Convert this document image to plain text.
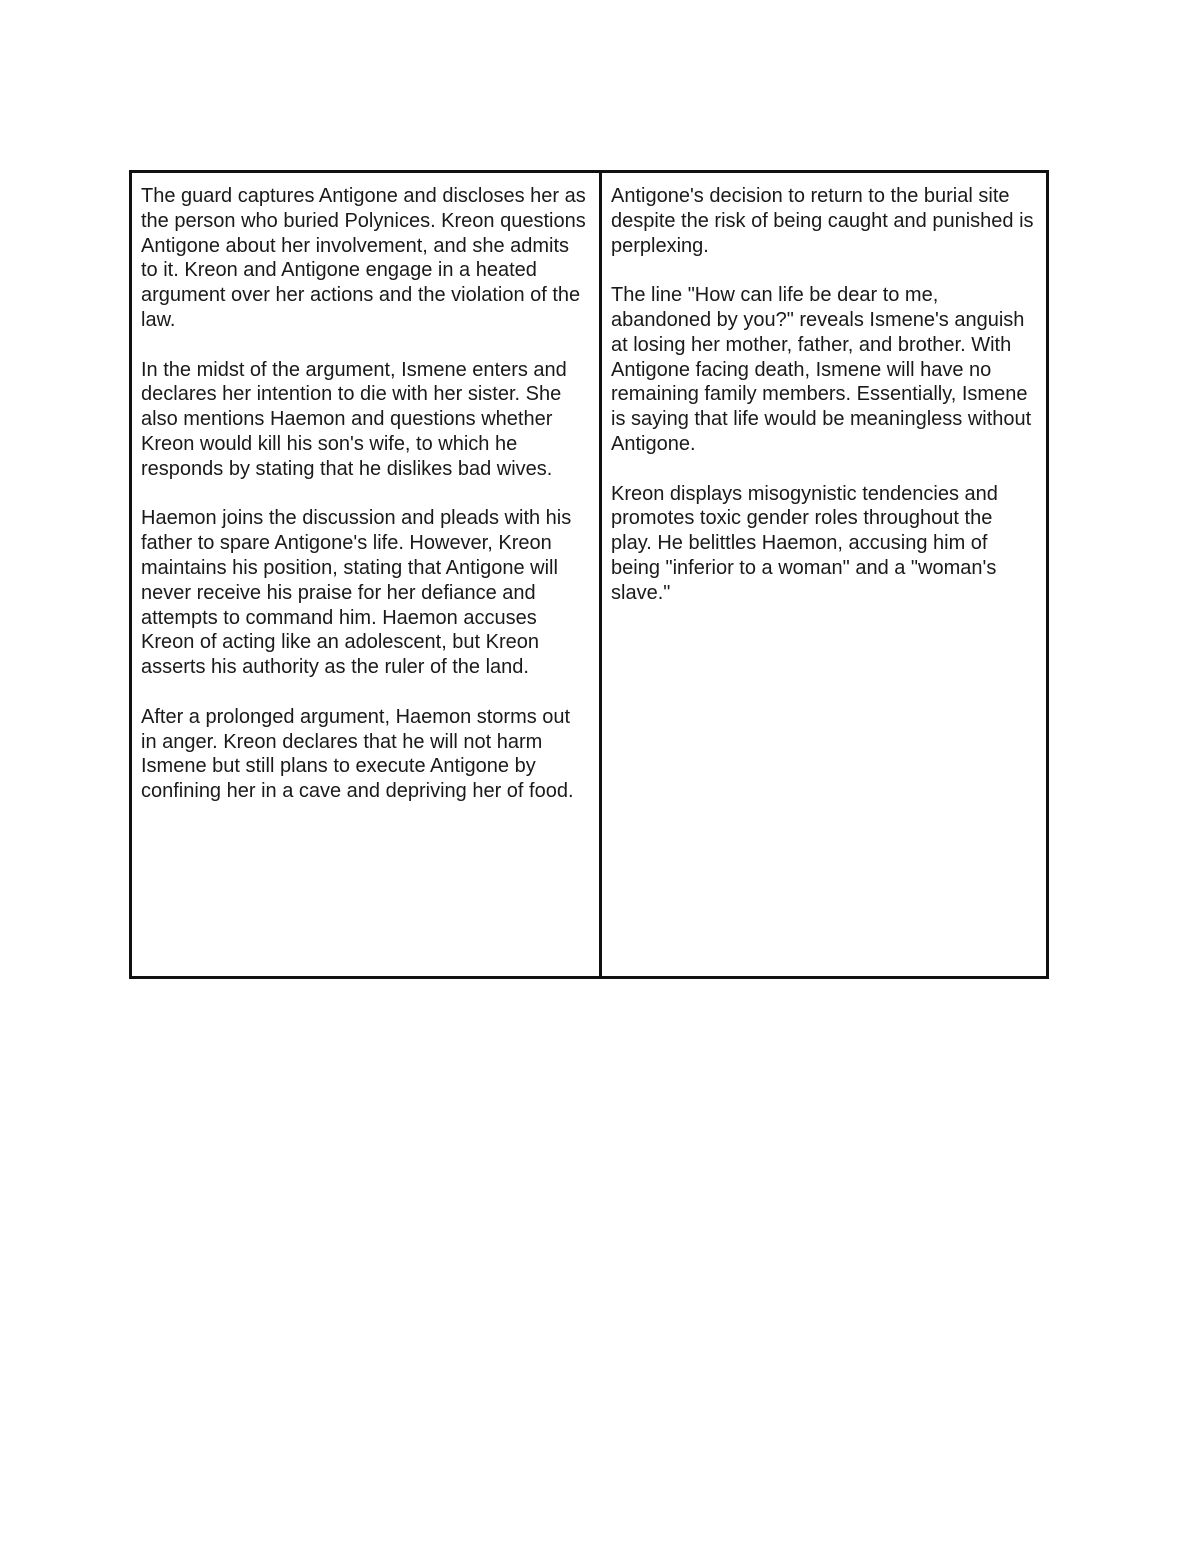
The guard captures Antigone and discloses her as the person who buried Polynices. Kreon questions Antigone about her involvement, and she admits to it. Kreon and Antigone engage in a heated argument over her actions and the violation of the law.

In the midst of the argument, Ismene enters and declares her intention to die with her sister. She also mentions Haemon and questions whether Kreon would kill his son's wife, to which he responds by stating that he dislikes bad wives.

Haemon joins the discussion and pleads with his father to spare Antigone's life. However, Kreon maintains his position, stating that Antigone will never receive his praise for her defiance and attempts to command him. Haemon accuses Kreon of acting like an adolescent, but Kreon asserts his authority as the ruler of the land.

After a prolonged argument, Haemon storms out in anger. Kreon declares that he will not harm Ismene but still plans to execute Antigone by confining her in a cave and depriving her of food.

Antigone's decision to return to the burial site despite the risk of being caught and punished is perplexing.

The line "How can life be dear to me, abandoned by you?" reveals Ismene's anguish at losing her mother, father, and brother. With Antigone facing death, Ismene will have no remaining family members. Essentially, Ismene is saying that life would be meaningless without Antigone.

Kreon displays misogynistic tendencies and promotes toxic gender roles throughout the play. He belittles Haemon, accusing him of being "inferior to a woman" and a "woman's slave."
